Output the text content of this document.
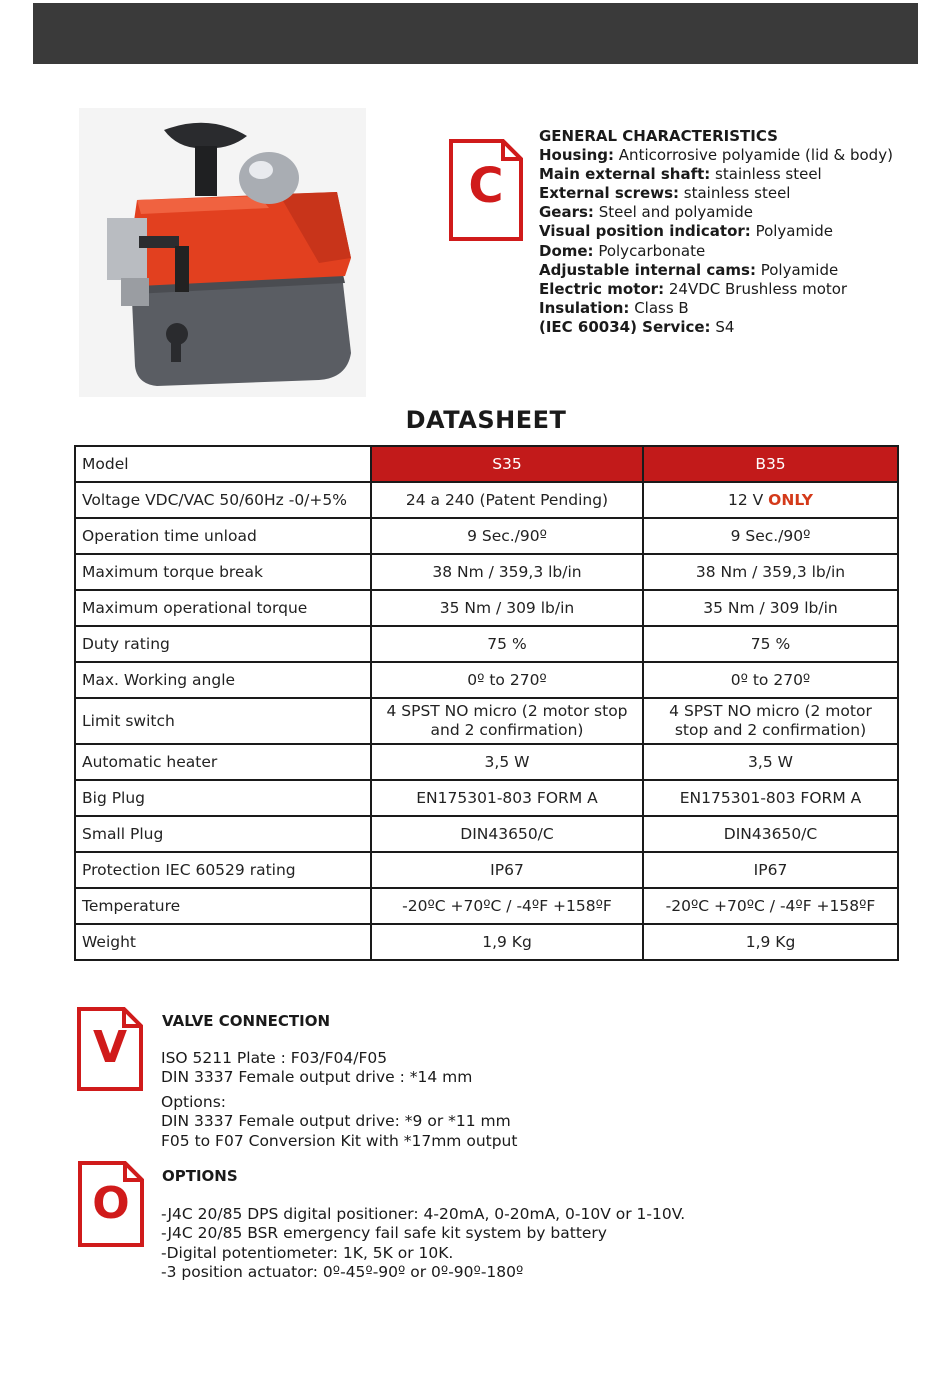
C
GENERAL CHARACTERISTICS
Housing: Anticorrosive polyamide (lid & body)
Main external shaft: stainless steel
External screws: stainless steel
Gears: Steel and polyamide
Visual position indicator: Polyamide
Dome: Polycarbonate
Adjustable internal cams: Polyamide
Electric motor: 24VDC Brushless motor
Insulation: Class B
(IEC 60034) Service: S4
DATASHEET
Model	S35	B35
Voltage VDC/VAC 50/60Hz -0/+5%	24 a 240 (Patent Pending)	12 V ONLY
Operation time unload	9 Sec./90º	9 Sec./90º
Maximum torque break	38 Nm / 359,3 lb/in	38 Nm / 359,3 lb/in
Maximum operational torque	35 Nm / 309 lb/in	35 Nm / 309 lb/in
Duty rating	75 %	75 %
Max. Working angle	0º to 270º	0º to 270º
Limit switch	4 SPST NO micro (2 motor stop and 2 confirmation)	4 SPST NO micro (2 motor stop and 2 confirmation)
Automatic heater	3,5 W	3,5 W
Big Plug	EN175301-803 FORM A	EN175301-803 FORM A
Small Plug	DIN43650/C	DIN43650/C
Protection IEC 60529 rating	IP67	IP67
Temperature	-20ºC +70ºC / -4ºF +158ºF	-20ºC +70ºC / -4ºF +158ºF
Weight	1,9 Kg	1,9 Kg
V
VALVE CONNECTION
ISO 5211 Plate : F03/F04/F05
DIN 3337 Female output drive : *14 mm
Options:
DIN 3337 Female output drive: *9 or *11 mm
F05 to F07 Conversion Kit with *17mm output
O
OPTIONS
-J4C 20/85 DPS digital positioner: 4-20mA, 0-20mA, 0-10V or 1-10V.
-J4C 20/85 BSR emergency fail safe kit system by battery
-Digital potentiometer: 1K, 5K or 10K.
-3 position actuator: 0º-45º-90º or 0º-90º-180º
